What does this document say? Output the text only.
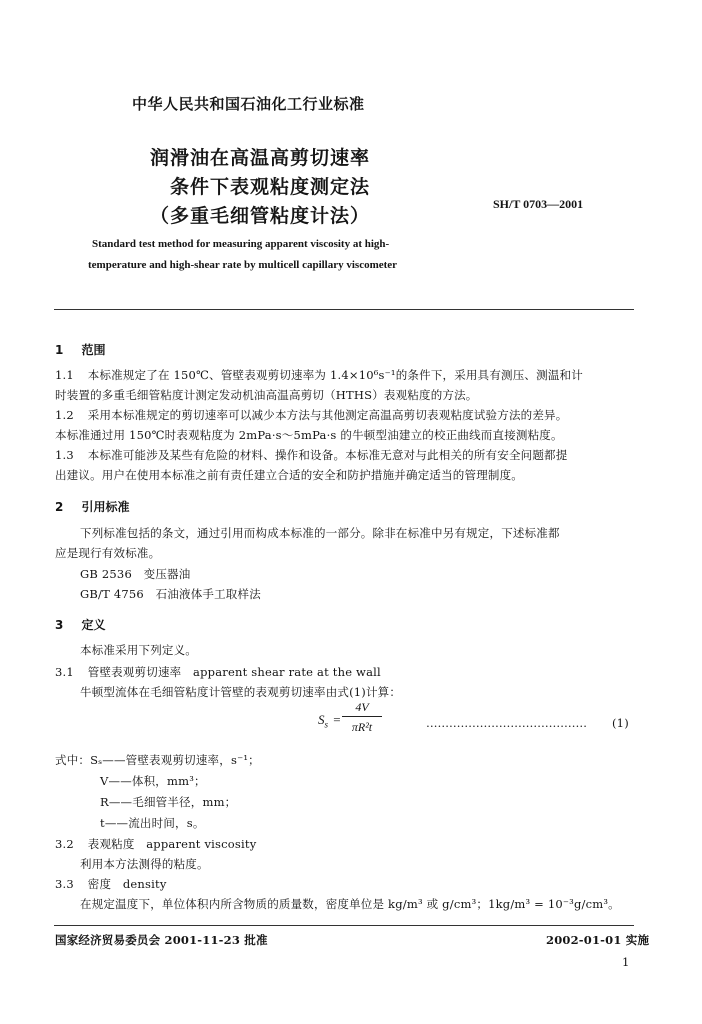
中华人民共和国石油化工行业标准
润滑油在高温高剪切速率
条件下表观粘度测定法
（多重毛细管粘度计法）
SH/T 0703—2001
Standard test method for measuring apparent viscosity at high-
temperature and high-shear rate by multicell capillary viscometer
1 范围
1.1 本标准规定了在 150℃、管壁表观剪切速率为 1.4×10⁶s⁻¹的条件下，采用具有测压、测温和计
时装置的多重毛细管粘度计测定发动机油高温高剪切（HTHS）表观粘度的方法。
1.2 采用本标准规定的剪切速率可以减少本方法与其他测定高温高剪切表观粘度试验方法的差异。
本标准通过用 150℃时表观粘度为 2mPa·s～5mPa·s 的牛顿型油建立的校正曲线而直接测粘度。
1.3 本标准可能涉及某些有危险的材料、操作和设备。本标准无意对与此相关的所有安全问题都提
出建议。用户在使用本标准之前有责任建立合适的安全和防护措施并确定适当的管理制度。
2 引用标准
下列标准包括的条文，通过引用而构成本标准的一部分。除非在标准中另有规定，下述标准都
应是现行有效标准。
GB 2536　变压器油
GB/T 4756　石油液体手工取样法
3 定义
本标准采用下列定义。
3.1 管壁表观剪切速率　apparent shear rate at the wall
牛顿型流体在毛细管粘度计管壁的表观剪切速率由式(1)计算：
$S_s$ =
4V
πR²t	…………………………………… (1)
式中：Sₛ——管壁表观剪切速率，s⁻¹；
V——体积，mm³；
R——毛细管半径，mm；
t——流出时间，s。
3.2 表观粘度　apparent viscosity
利用本方法测得的粘度。
3.3 密度　density
在规定温度下，单位体积内所含物质的质量数，密度单位是 kg/m³ 或 g/cm³；1kg/m³ = 10⁻³g/cm³。
国家经济贸易委员会 2001-11-23 批准	2002-01-01 实施
1
